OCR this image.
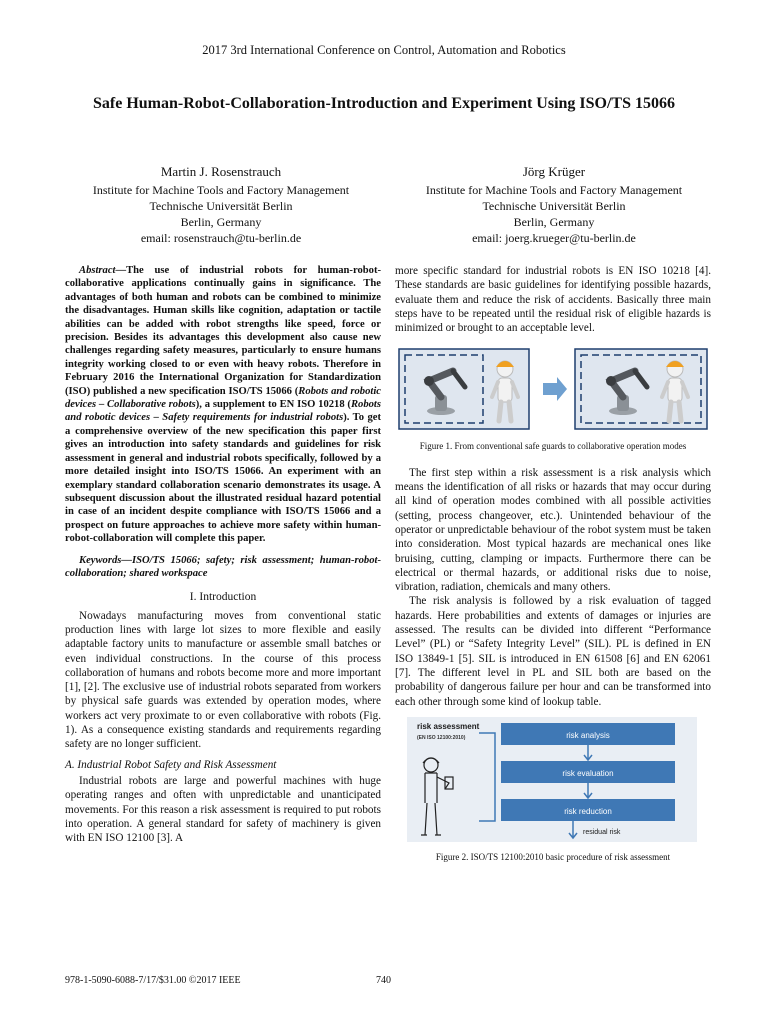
2017 3rd International Conference on Control, Automation and Robotics
Safe Human-Robot-Collaboration-Introduction and Experiment Using ISO/TS 15066
Martin J. Rosenstrauch
Institute for Machine Tools and Factory Management
Technische Universität Berlin
Berlin, Germany
email: rosenstrauch@tu-berlin.de
Jörg Krüger
Institute for Machine Tools and Factory Management
Technische Universität Berlin
Berlin, Germany
email: joerg.krueger@tu-berlin.de

Abstract—The use of industrial robots for human-robot-collaborative applications continually gains in significance. The advantages of both human and robots can be combined to minimize the disadvantages. Human skills like cognition, adaptation or tactile abilities can be added with robot strengths like speed, force or precision. Besides its advantages this development also cause new challenges regarding safety measures, particularly to ensure humans integrity working closed to or even with heavy robots. Therefore in February 2016 the International Organization for Standardization (ISO) published a new specification ISO/TS 15066 (Robots and robotic devices – Collaborative robots), a supplement to EN ISO 10218 (Robots and robotic devices – Safety requirements for industrial robots). To get a comprehensive overview of the new specification this paper first gives an introduction into safety standards and guidelines for risk assessment in general and industrial robots specifically, followed by a more detailed insight into ISO/TS 15066. An experiment with an exemplary standard collaboration scenario demonstrates its usage. A subsequent discussion about the illustrated residual hazard potential in case of an incident despite compliance with ISO/TS 15066 and a prospect on future approaches to achieve more safety within human-robot-collaboration will complete this paper.

Keywords—ISO/TS 15066; safety; risk assessment; human-robot-collaboration; shared workspace

I. Introduction

Nowadays manufacturing moves from conventional static production lines with large lot sizes to more flexible and easily adaptable factory units to manufacture or assemble small batches or even individual constructions. In the course of this process collaboration of humans and robots become more and more important [1], [2]. The exclusive use of industrial robots separated from workers by physical safe guards was extended by operation modes, where workers act very proximate to or even collaborative with robots (Fig. 1). As a consequence existing standards and requirements regarding safety are no longer sufficient.

A. Industrial Robot Safety and Risk Assessment

Industrial robots are large and powerful machines with huge operating ranges and often with unpredictable and unanticipated movements. For this reason a risk assessment is required to put robots into operation. A general standard for safety of machinery is given with EN ISO 12100 [3]. A

more specific standard for industrial robots is EN ISO 10218 [4]. These standards are basic guidelines for identifying possible hazards, evaluate them and reduce the risk of accidents. Basically three main steps have to be repeated until the residual risk of eligible hazards is minimized or brought to an acceptable level.

Figure 1. From conventional safe guards to collaborative operation modes

The first step within a risk assessment is a risk analysis which means the identification of all risks or hazards that may occur during all kind of operation modes combined with all possible activities (setting, process changeover, etc.). Unintended behaviour of the operator or unpredictable behaviour of the robot system must be taken into consideration. Most typical hazards are mechanical ones like bruising, cutting, clamping or impacts. Furthermore there can be electrical or thermal hazards, or additional risks due to noise, vibration, radiation, chemicals and many others.

The risk analysis is followed by a risk evaluation of tagged hazards. Here probabilities and extents of damages or injuries are assessed. The results can be divided into different “Performance Level” (PL) or “Safety Integrity Level” (SIL). PL is defined in EN ISO 13849-1 [5]. SIL is introduced in EN 61508 [6] and EN 62061 [7]. The different level in PL and SIL both are based on the probability of dangerous failure per hour and can be transformed into each other through some kind of lookup table.

risk assessment
(EN ISO 12100:2010)	risk analysis
risk evaluation
risk reduction
residual risk

Figure 2. ISO/TS 12100:2010 basic procedure of risk assessment

978-1-5090-6088-7/17/$31.00 ©2017 IEEE	740
